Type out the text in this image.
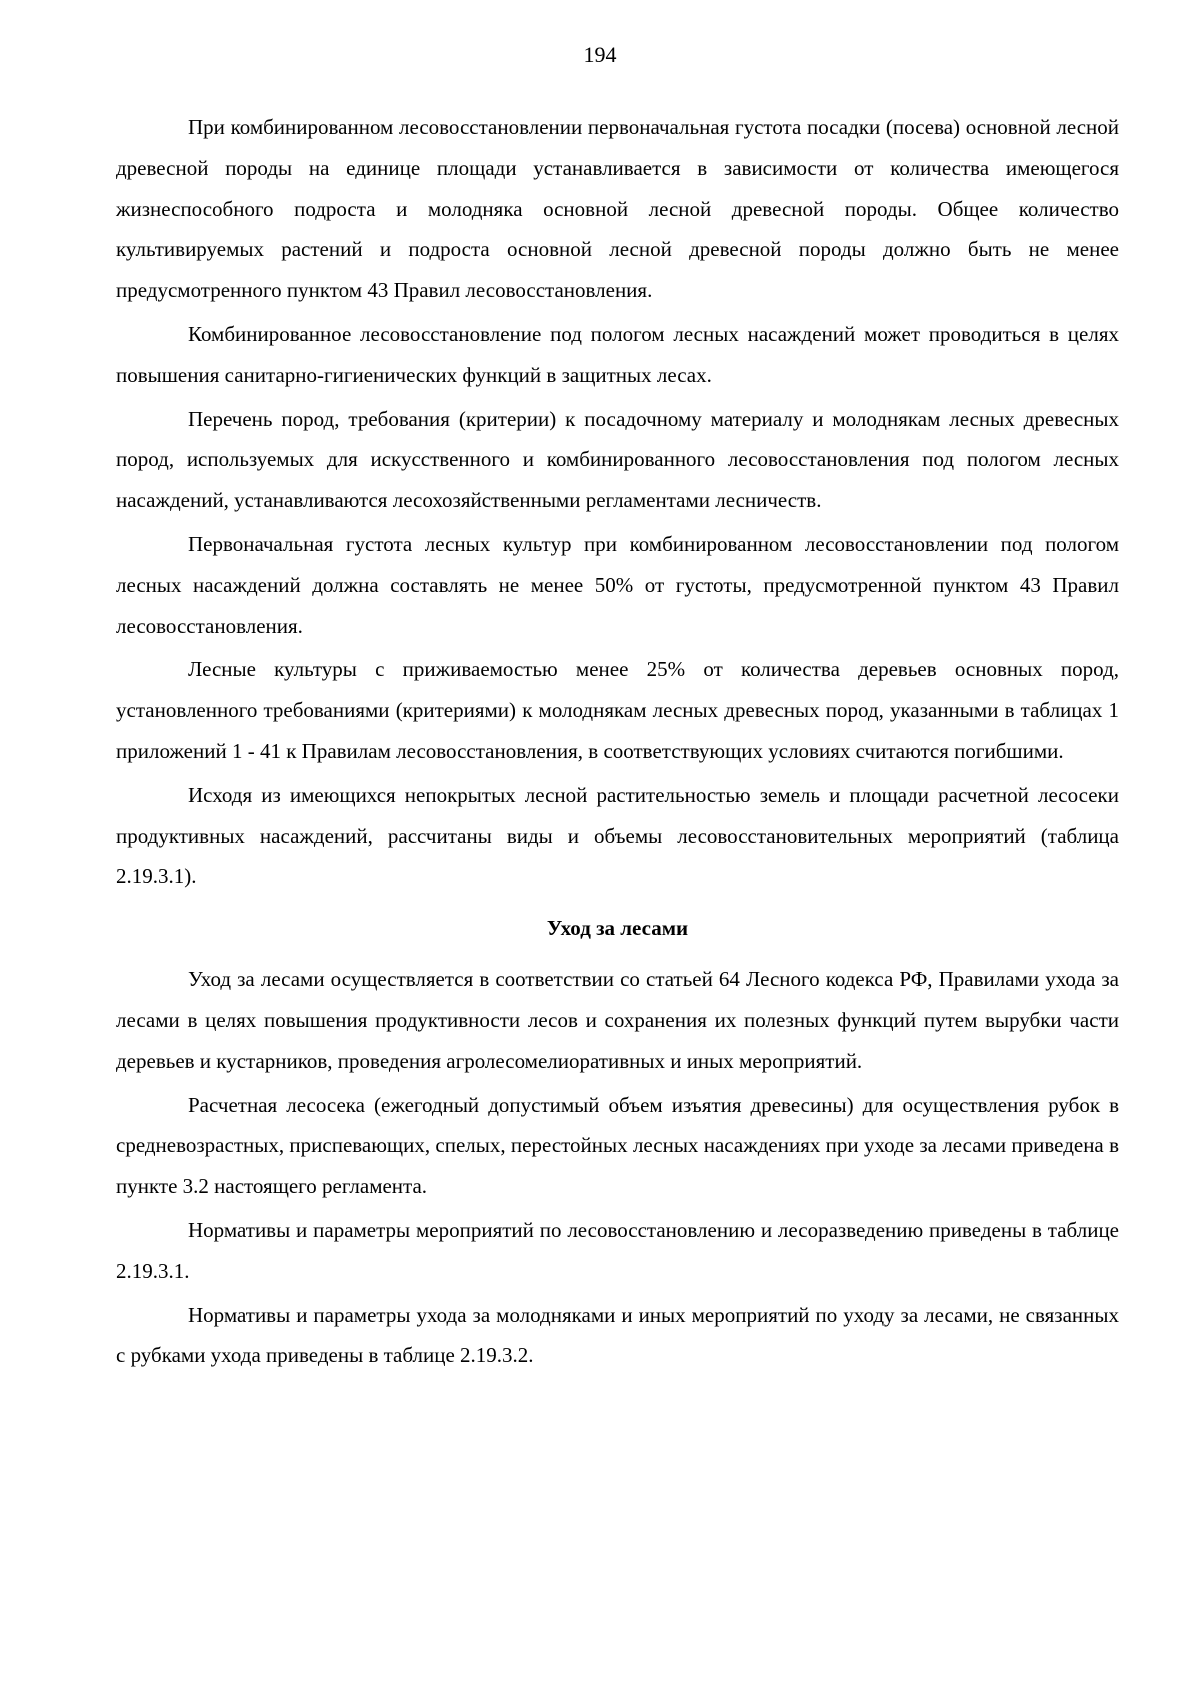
194

При комбинированном лесовосстановлении первоначальная густота посадки (посева) основной лесной древесной породы на единице площади устанавливается в зависимости от количества имеющегося жизнеспособного подроста и молодняка основной лесной древесной породы. Общее количество культивируемых растений и подроста основной лесной древесной породы должно быть не менее предусмотренного пунктом 43 Правил лесовосстановления.

Комбинированное лесовосстановление под пологом лесных насаждений может проводиться в целях повышения санитарно-гигиенических функций в защитных лесах.

Перечень пород, требования (критерии) к посадочному материалу и молоднякам лесных древесных пород, используемых для искусственного и комбинированного лесовосстановления под пологом лесных насаждений, устанавливаются лесохозяйственными регламентами лесничеств.

Первоначальная густота лесных культур при комбинированном лесовосстановлении под пологом лесных насаждений должна составлять не менее 50% от густоты, предусмотренной пунктом 43 Правил лесовосстановления.

Лесные культуры с приживаемостью менее 25% от количества деревьев основных пород, установленного требованиями (критериями) к молоднякам лесных древесных пород, указанными в таблицах 1 приложений 1 - 41 к Правилам лесовосстановления, в соответствующих условиях считаются погибшими.

Исходя из имеющихся непокрытых лесной растительностью земель и площади расчетной лесосеки продуктивных насаждений, рассчитаны виды и объемы лесовосстановительных мероприятий (таблица 2.19.3.1).

Уход за лесами

Уход за лесами осуществляется в соответствии со статьей 64 Лесного кодекса РФ, Правилами ухода за лесами в целях повышения продуктивности лесов и сохранения их полезных функций путем вырубки части деревьев и кустарников, проведения агролесомелиоративных и иных мероприятий.

Расчетная лесосека (ежегодный допустимый объем изъятия древесины) для осуществления рубок в средневозрастных, приспевающих, спелых, перестойных лесных насаждениях при уходе за лесами приведена в пункте 3.2 настоящего регламента.

Нормативы и параметры мероприятий по лесовосстановлению и лесоразведению приведены в таблице 2.19.3.1.

Нормативы и параметры ухода за молодняками и иных мероприятий по уходу за лесами, не связанных с рубками ухода приведены в таблице 2.19.3.2.
